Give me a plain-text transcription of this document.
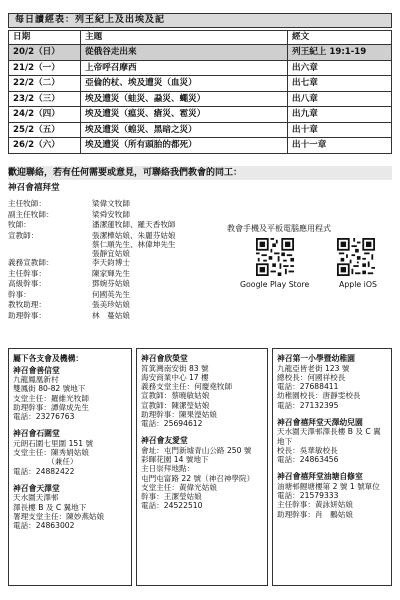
每日讀經表：列王紀上及出埃及記
日期	主題	經文
20/2（日）	從俄谷走出來	列王紀上 19:1-19
21/2（一）	上帝呼召摩西	出六章
22/2（二）	亞倫的杖、埃及遭災（血災）	出七章
23/2（三）	埃及遭災（蛙災、蝨災、蠅災）	出八章
24/2（四）	埃及遭災（瘟災、瘡災、雹災）	出九章
25/2（五）	埃及遭災（蝗災、黑暗之災）	出十章
26/2（六）	埃及遭災（所有頭胎的都死）	出十一章
歡迎聯絡，若有任何需要或意見，可聯絡我們教會的同工：
神召會禧拜堂
主任牧師：	梁偉文牧師
副主任牧師：	梁舜安牧師
牧師：	潘潔蓮牧師、羅天香牧師
宣教師：	張潔樺姑娘、朱麗芬姑娘
蔡仁順先生、林偉坤先生
張靜宜姑娘
義務宣教師：	李天鈞博士
主任幹事：	陳家輝先生
高級幹事：	鄧婉芬姑娘
幹事：	何國英先生
教牧助理：	張美珍姑娘
助理幹事：	林　蔓姑娘
教會手機及平板電腦應用程式
Google Play Store	Apple iOS
屬下各支會及機構：
神召會善信堂
九龍鳳凰新村
雙鳳街 80-82 號地下
支堂主任：羅維光牧師
助理幹事：譚偉成先生
電話：23276763
神召會石圍堂
元朗石圍七里圍 151 號
支堂主任：陳秀娟姑娘
　　　　　（兼任）
電話：24882422
神召會天澤堂
天水圍天澤邨
澤長樓 B 及 C 翼地下
署理支堂主任：陳妙燕姑娘
電話：24863002
神召會欣榮堂
筲箕灣南安街 83 號
海安商業中心 17 樓
義務支堂主任：何慶堯牧師
宣教師：蔡曉敏姑娘
宣教師：陳潔瑩姑娘
助理幹事：陳果瀅姑娘
電話：25694612
神召會友愛堂
會址：屯門新墟青山公路 250 號
彩暉花園 14 號地下
主日崇拜地點：
屯門屯富路 22 號（神召神學院）
支堂主任：黃偉光姑娘
幹事：王潔瑩姑娘
電話：24522510
神召第一小學暨幼稚園
九龍亞皆老街 123 號
總校長：何國祥校長
電話：27688411
幼稚園校長：唐靜雯校長
電話：27132395
神召會禧拜堂天澤幼兒園
天水圍天澤邨澤長樓 B 及 C 翼
地下
校長：吳華敏校長
電話：24863456
神召會禧拜堂油塘自修室
油塘邨鯉塘樓第 2 號 1 號單位
電話：21579333
主任幹事：黃詠妍姑娘
助理幹事：肖　鵬姑娘
